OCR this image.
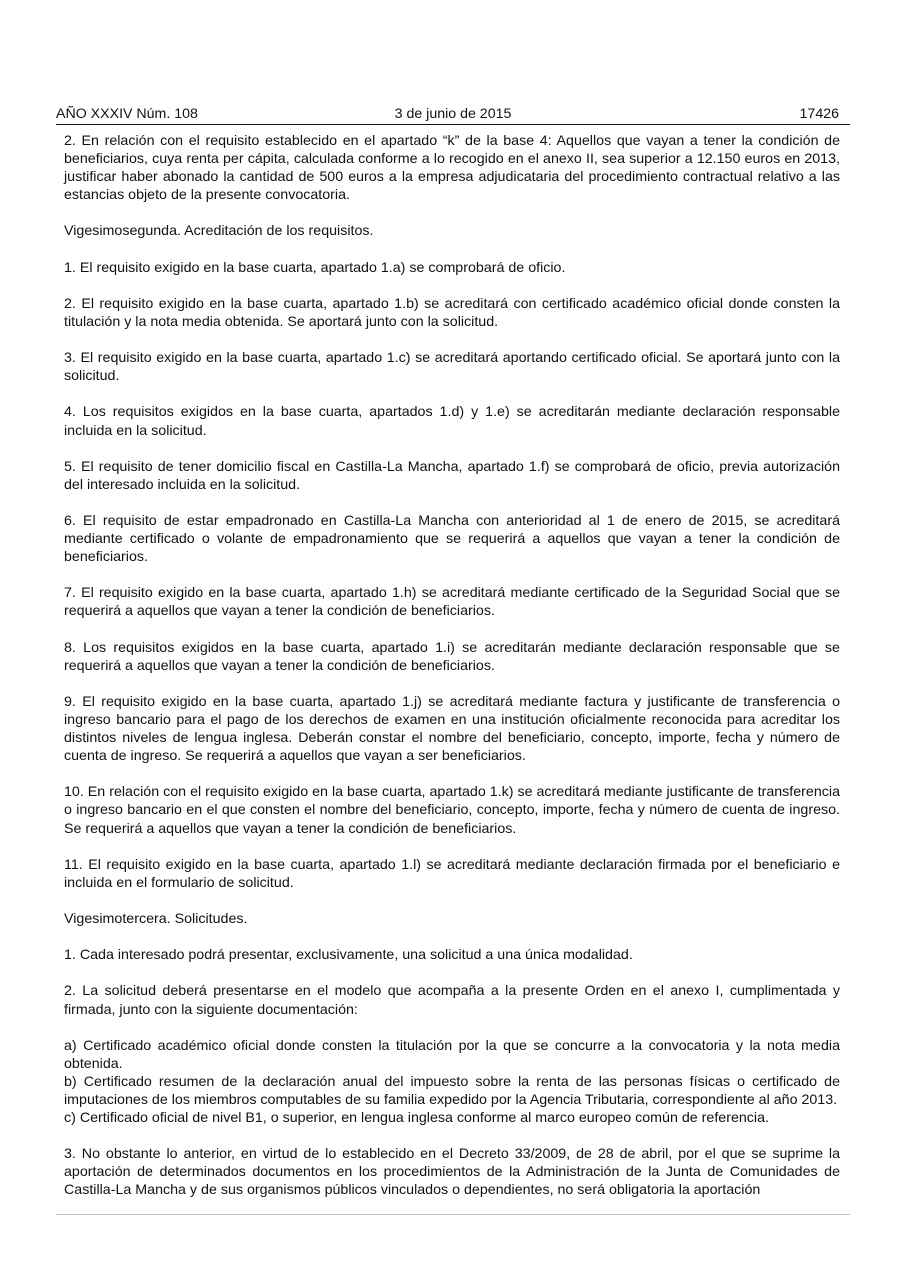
AÑO XXXIV Núm. 108	3 de junio de 2015	17426

2. En relación con el requisito establecido en el apartado “k” de la base 4: Aquellos que vayan a tener la condición de beneficiarios, cuya renta per cápita, calculada conforme a lo recogido en el anexo II, sea superior a 12.150 euros en 2013, justificar haber abonado la cantidad de 500 euros a la empresa adjudicataria del procedimiento contractual relativo a las estancias objeto de la presente convocatoria.

Vigesimosegunda. Acreditación de los requisitos.

1. El requisito exigido en la base cuarta, apartado 1.a) se comprobará de oficio.

2. El requisito exigido en la base cuarta, apartado 1.b) se acreditará con certificado académico oficial donde consten la titulación y la nota media obtenida. Se aportará junto con la solicitud.

3. El requisito exigido en la base cuarta, apartado 1.c) se acreditará aportando certificado oficial. Se aportará junto con la solicitud.

4. Los requisitos exigidos en la base cuarta, apartados 1.d) y 1.e) se acreditarán mediante declaración responsable incluida en la solicitud.

5. El requisito de tener domicilio fiscal en Castilla-La Mancha, apartado 1.f) se comprobará de oficio, previa autorización del interesado incluida en la solicitud.

6. El requisito de estar empadronado en Castilla-La Mancha con anterioridad al 1 de enero de 2015, se acreditará mediante certificado o volante de empadronamiento que se requerirá a aquellos que vayan a tener la condición de beneficiarios.

7. El requisito exigido en la base cuarta, apartado 1.h) se acreditará mediante certificado de la Seguridad Social que se requerirá a aquellos que vayan a tener la condición de beneficiarios.

8. Los requisitos exigidos en la base cuarta, apartado 1.i) se acreditarán mediante declaración responsable que se requerirá a aquellos que vayan a tener la condición de beneficiarios.

9. El requisito exigido en la base cuarta, apartado 1.j) se acreditará mediante factura y justificante de transferencia o ingreso bancario para el pago de los derechos de examen en una institución oficialmente reconocida para acreditar los distintos niveles de lengua inglesa. Deberán constar el nombre del beneficiario, concepto, importe, fecha y número de cuenta de ingreso. Se requerirá a aquellos que vayan a ser beneficiarios.

10. En relación con el requisito exigido en la base cuarta, apartado 1.k) se acreditará mediante justificante de transferencia o ingreso bancario en el que consten el nombre del beneficiario, concepto, importe, fecha y número de cuenta de ingreso. Se requerirá a aquellos que vayan a tener la condición de beneficiarios.

11. El requisito exigido en la base cuarta, apartado 1.l) se acreditará mediante declaración firmada por el beneficiario e incluida en el formulario de solicitud.

Vigesimotercera. Solicitudes.

1. Cada interesado podrá presentar, exclusivamente, una solicitud a una única modalidad.

2. La solicitud deberá presentarse en el modelo que acompaña a la presente Orden en el anexo I, cumplimentada y firmada, junto con la siguiente documentación:

a) Certificado académico oficial donde consten la titulación por la que se concurre a la convocatoria y la nota media obtenida.

b) Certificado resumen de la declaración anual del impuesto sobre la renta de las personas físicas o certificado de imputaciones de los miembros computables de su familia expedido por la Agencia Tributaria, correspondiente al año 2013.

c) Certificado oficial de nivel B1, o superior, en lengua inglesa conforme al marco europeo común de referencia.

3. No obstante lo anterior, en virtud de lo establecido en el Decreto 33/2009, de 28 de abril, por el que se suprime la aportación de determinados documentos en los procedimientos de la Administración de la Junta de Comunidades de Castilla-La Mancha y de sus organismos públicos vinculados o dependientes, no será obligatoria la aportación
